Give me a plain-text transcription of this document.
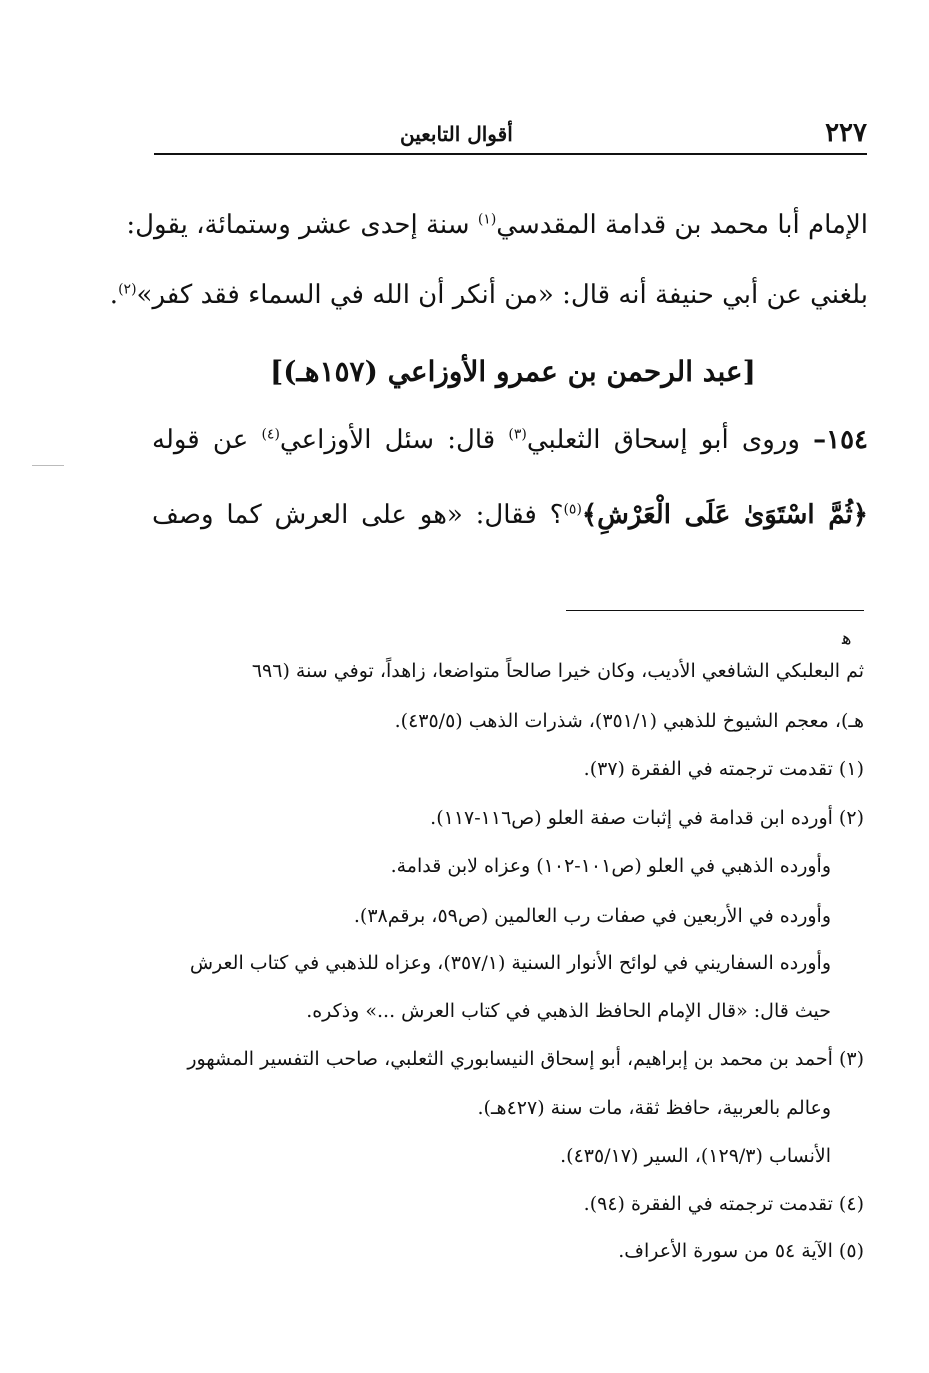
٢٢٧
أقوال التابعين
الإمام أبا محمد بن قدامة المقدسي$^{(١)}$ سنة إحدى عشر وستمائة، يقول:
بلغني عن أبي حنيفة أنه قال: «من أنكر أن الله في السماء فقد كفر»$^{(٢)}$.
[عبد الرحمن بن عمرو الأوزاعي (١٥٧هـ)]
١٥٤– وروى أبو إسحاق الثعلبي$^{(٣)}$ قال: سئل الأوزاعي$^{(٤)}$ عن قوله
﴿ثُمَّ اسْتَوَىٰ عَلَى الْعَرْشِ﴾$^{(٥)}$؟ فقال: «هو على العرش كما وصف
ﻫ
ثم البعلبكي الشافعي الأديب، وكان خيرا صالحاً متواضعا، زاهداً، توفي سنة (٦٩٦
هـ)، معجم الشيوخ للذهبي (٣٥١/١)، شذرات الذهب (٤٣٥/٥).
(١) تقدمت ترجمته في الفقرة (٣٧).
(٢) أورده ابن قدامة في إثبات صفة العلو (ص١١٦-١١٧).
وأورده الذهبي في العلو (ص١٠١-١٠٢) وعزاه لابن قدامة.
وأورده في الأربعين في صفات رب العالمين (ص٥٩، برقم٣٨).
وأورده السفاريني في لوائح الأنوار السنية (٣٥٧/١)، وعزاه للذهبي في كتاب العرش
حيث قال: «قال الإمام الحافظ الذهبي في كتاب العرش ...» وذكره.
(٣) أحمد بن محمد بن إبراهيم، أبو إسحاق النيسابوري الثعلبي، صاحب التفسير المشهور
وعالم بالعربية، حافظ ثقة، مات سنة (٤٢٧هـ).
الأنساب (١٢٩/٣)، السير (٤٣٥/١٧).
(٤) تقدمت ترجمته في الفقرة (٩٤).
(٥) الآية ٥٤ من سورة الأعراف.
